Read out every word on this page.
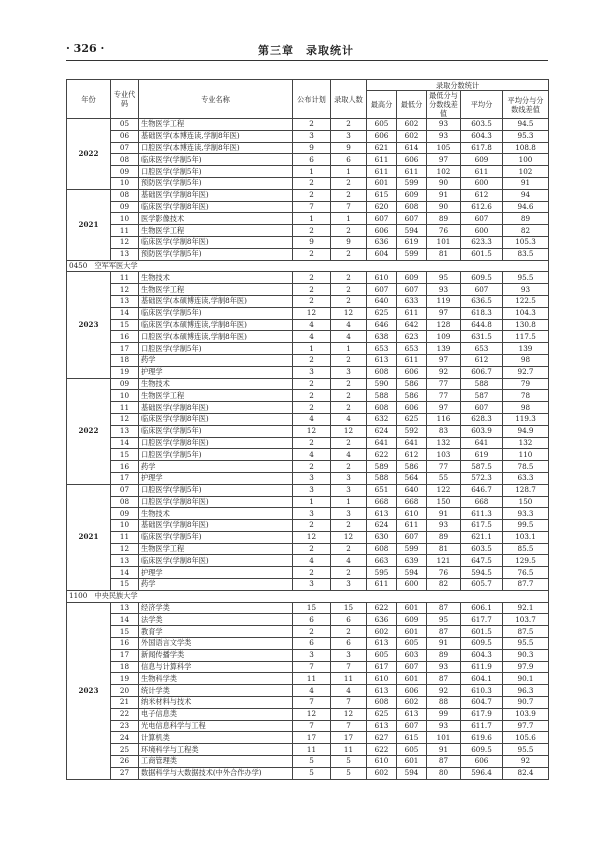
· 326 ·	第三章　录取统计
年份	专业代码	专业名称	公布计划	录取人数	录取分数统计				
					最高分	最低分	最低分与分数线差值	平均分	平均分与分数线差值
2022	05	生物医学工程	2	2	605	602	93	603.5	94.5
	06	基础医学(本博连读,学制8年医)	3	3	606	602	93	604.3	95.3
	07	口腔医学(本博连读,学制8年医)	9	9	621	614	105	617.8	108.8
	08	临床医学(学制5年)	6	6	611	606	97	609	100
	09	口腔医学(学制5年)	1	1	611	611	102	611	102
	10	预防医学(学制5年)	2	2	601	599	90	600	91
2021	08	基础医学(学制8年医)	2	2	615	609	91	612	94
	09	临床医学(学制8年医)	7	7	620	608	90	612.6	94.6
	10	医学影像技术	1	1	607	607	89	607	89
	11	生物医学工程	2	2	606	594	76	600	82
	12	临床医学(学制8年医)	9	9	636	619	101	623.3	105.3
	13	预防医学(学制5年)	2	2	604	599	81	601.5	83.5
0450　空军军医大学									
2023	11	生物技术	2	2	610	609	95	609.5	95.5
	12	生物医学工程	2	2	607	607	93	607	93
	13	基础医学(本硕博连读,学制8年医)	2	2	640	633	119	636.5	122.5
	14	临床医学(学制5年)	12	12	625	611	97	618.3	104.3
	15	临床医学(本硕博连读,学制8年医)	4	4	646	642	128	644.8	130.8
	16	口腔医学(本硕博连读,学制8年医)	4	4	638	623	109	631.5	117.5
	17	口腔医学(学制5年)	1	1	653	653	139	653	139
	18	药学	2	2	613	611	97	612	98
	19	护理学	3	3	608	606	92	606.7	92.7
2022	09	生物技术	2	2	590	586	77	588	79
	10	生物医学工程	2	2	588	586	77	587	78
	11	基础医学(学制8年医)	2	2	608	606	97	607	98
	12	临床医学(学制8年医)	4	4	632	625	116	628.3	119.3
	13	临床医学(学制5年)	12	12	624	592	83	603.9	94.9
	14	口腔医学(学制8年医)	2	2	641	641	132	641	132
	15	口腔医学(学制5年)	4	4	622	612	103	619	110
	16	药学	2	2	589	586	77	587.5	78.5
	17	护理学	3	3	588	564	55	572.3	63.3
2021	07	口腔医学(学制5年)	3	3	651	640	122	646.7	128.7
	08	口腔医学(学制8年医)	1	1	668	668	150	668	150
	09	生物技术	3	3	613	610	91	611.3	93.3
	10	基础医学(学制8年医)	2	2	624	611	93	617.5	99.5
	11	临床医学(学制5年)	12	12	630	607	89	621.1	103.1
	12	生物医学工程	2	2	608	599	81	603.5	85.5
	13	临床医学(学制8年医)	4	4	663	639	121	647.5	129.5
	14	护理学	2	2	595	594	76	594.5	76.5
	15	药学	3	3	611	600	82	605.7	87.7
1100　中央民族大学									
2023	13	经济学类	15	15	622	601	87	606.1	92.1
	14	法学类	6	6	636	609	95	617.7	103.7
	15	教育学	2	2	602	601	87	601.5	87.5
	16	外国语言文学类	6	6	613	605	91	609.5	95.5
	17	新闻传播学类	3	3	605	603	89	604.3	90.3
	18	信息与计算科学	7	7	617	607	93	611.9	97.9
	19	生物科学类	11	11	610	601	87	604.1	90.1
	20	统计学类	4	4	613	606	92	610.3	96.3
	21	纳米材料与技术	7	7	608	602	88	604.7	90.7
	22	电子信息类	12	12	625	613	99	617.9	103.9
	23	光电信息科学与工程	7	7	613	607	93	611.7	97.7
	24	计算机类	17	17	627	615	101	619.6	105.6
	25	环境科学与工程类	11	11	622	605	91	609.5	95.5
	26	工商管理类	5	5	610	601	87	606	92
	27	数据科学与大数据技术(中外合作办学)	5	5	602	594	80	596.4	82.4
